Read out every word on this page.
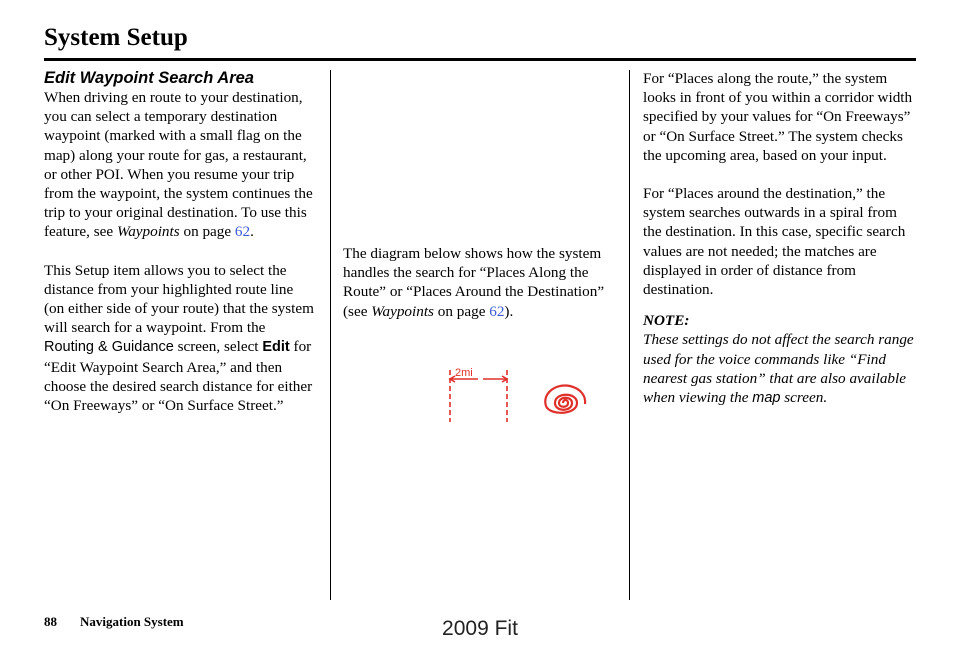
System Setup

Edit Waypoint Search Area

When driving en route to your destination, you can select a temporary destination waypoint (marked with a small flag on the map) along your route for gas, a restaurant, or other POI. When you resume your trip from the waypoint, the system continues the trip to your original destination. To use this feature, see Waypoints on page 62.

This Setup item allows you to select the distance from your highlighted route line (on either side of your route) that the system will search for a waypoint. From the Routing & Guidance screen, select Edit for “Edit Waypoint Search Area,” and then choose the desired search distance for either “On Freeways” or “On Surface Street.”

The diagram below shows how the system handles the search for “Places Along the Route” or “Places Around the Destination” (see Waypoints on page 62).

2mi

For “Places along the route,” the system looks in front of you within a corridor width specified by your values for “On Freeways” or “On Surface Street.” The system checks the upcoming area, based on your input.

For “Places around the destination,” the system searches outwards in a spiral from the destination. In this case, specific search values are not needed; the matches are displayed in order of distance from destination.

NOTE:

These settings do not affect the search range used for the voice commands like “Find nearest gas station” that are also available when viewing the map screen.

88 Navigation System	2009 Fit
